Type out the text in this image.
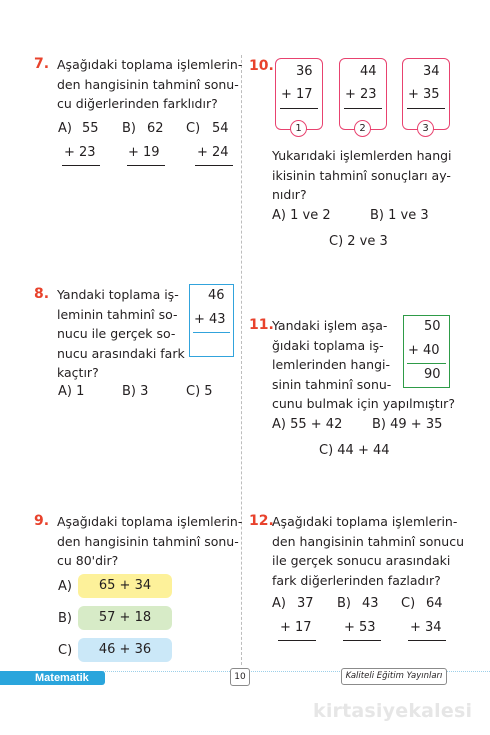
7. Aşağıdaki toplama işlemlerin-
den hangisinin tahminî sonu-
cu diğerlerinden farklıdır?
A) 55
+ 23
B) 62
+ 19
C) 54
+ 24
8. Yandaki toplama iş-
leminin tahminî so-
nucu ile gerçek so-
nucu arasındaki fark
kaçtır?
46
+ 43
A) 1	B) 3	C) 5
9. Aşağıdaki toplama işlemlerin-
den hangisinin tahminî sonu-
cu 80'dir?
A)	65 + 34
B)	57 + 18
C)	46 + 36
10. 36
+ 17
1
44
+ 23
2
34
+ 35
3
Yukarıdaki işlemlerden hangi
ikisinin tahminî sonuçları ay-
nıdır?
A) 1 ve 2	B) 1 ve 3
C) 2 ve 3
11.
Yandaki işlem aşa-
ğıdaki toplama iş-
lemlerinden hangi-
sinin tahminî sonu-
cunu bulmak için yapılmıştır?
50
+ 40
90
A) 55 + 42 B) 49 + 35
C) 44 + 44
12.
Aşağıdaki toplama işlemlerin-
den hangisinin tahminî sonucu
ile gerçek sonucu arasındaki
fark diğerlerinden fazladır?
A) 37
+ 17
B) 43
+ 53
C) 64
+ 34
Matematik	10	Kaliteli Eğitim Yayınları
kirtasiyekalesi
